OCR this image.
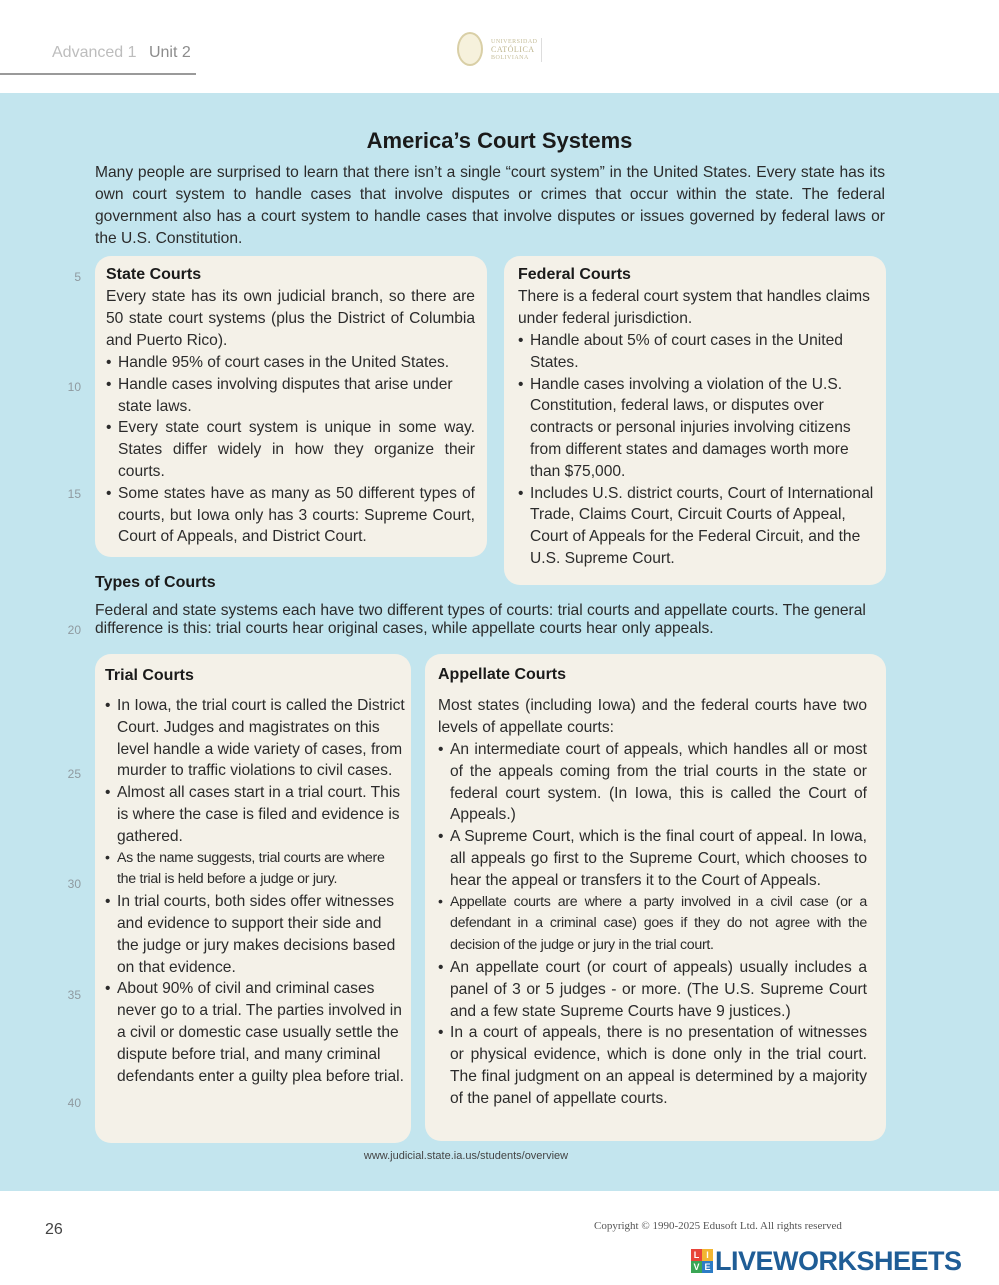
Advanced 1 Unit 2
UNIVERSIDAD
CATÓLICA
BOLIVIANA
America’s Court Systems

Many people are surprised to learn that there isn’t a single “court system” in the United States. Every state has its own court system to handle cases that involve disputes or crimes that occur within the state. The federal government also has a court system to handle cases that involve disputes or issues governed by federal laws or the U.S. Constitution.

5
10
15
20
25
30
35
40
State Courts

Every state has its own judicial branch, so there are 50 state court systems (plus the District of Columbia and Puerto Rico).

• Handle 95% of court cases in the United States.
• Handle cases involving disputes that arise under state laws.
• Every state court system is unique in some way. States differ widely in how they organize their courts.
• Some states have as many as 50 different types of courts, but Iowa only has 3 courts: Supreme Court, Court of Appeals, and District Court.
Federal Courts

There is a federal court system that handles claims under federal jurisdiction.

• Handle about 5% of court cases in the United States.
• Handle cases involving a violation of the U.S. Constitution, federal laws, or disputes over contracts or personal injuries involving citizens from different states and damages worth more than $75,000.
• Includes U.S. district courts, Court of International Trade, Claims Court, Circuit Courts of Appeal, Court of Appeals for the Federal Circuit, and the U.S. Supreme Court.
Types of Courts

Federal and state systems each have two different types of courts: trial courts and appellate courts. The general difference is this: trial courts hear original cases, while appellate courts hear only appeals.

Trial Courts
• In Iowa, the trial court is called the District Court. Judges and magistrates on this level handle a wide variety of cases, from murder to traffic violations to civil cases.
• Almost all cases start in a trial court. This is where the case is filed and evidence is gathered.
• As the name suggests, trial courts are where the trial is held before a judge or jury.
• In trial courts, both sides offer witnesses and evidence to support their side and the judge or jury makes decisions based on that evidence.
• About 90% of civil and criminal cases never go to a trial. The parties involved in a civil or domestic case usually settle the dispute before trial, and many criminal defendants enter a guilty plea before trial.
Appellate Courts

Most states (including Iowa) and the federal courts have two levels of appellate courts:

• An intermediate court of appeals, which handles all or most of the appeals coming from the trial courts in the state or federal court system. (In Iowa, this is called the Court of Appeals.)
• A Supreme Court, which is the final court of appeal. In Iowa, all appeals go first to the Supreme Court, which chooses to hear the appeal or transfers it to the Court of Appeals.
• Appellate courts are where a party involved in a civil case (or a defendant in a criminal case) goes if they do not agree with the decision of the judge or jury in the trial court.
• An appellate court (or court of appeals) usually includes a panel of 3 or 5 judges - or more. (The U.S. Supreme Court and a few state Supreme Courts have 9 justices.)
• In a court of appeals, there is no presentation of witnesses or physical evidence, which is done only in the trial court. The final judgment on an appeal is determined by a majority of the panel of appellate courts.
www.judicial.state.ia.us/students/overview
26	Copyright © 1990-2025 Edusoft Ltd. All rights reserved
L I
V E LIVEWORKSHEETS
